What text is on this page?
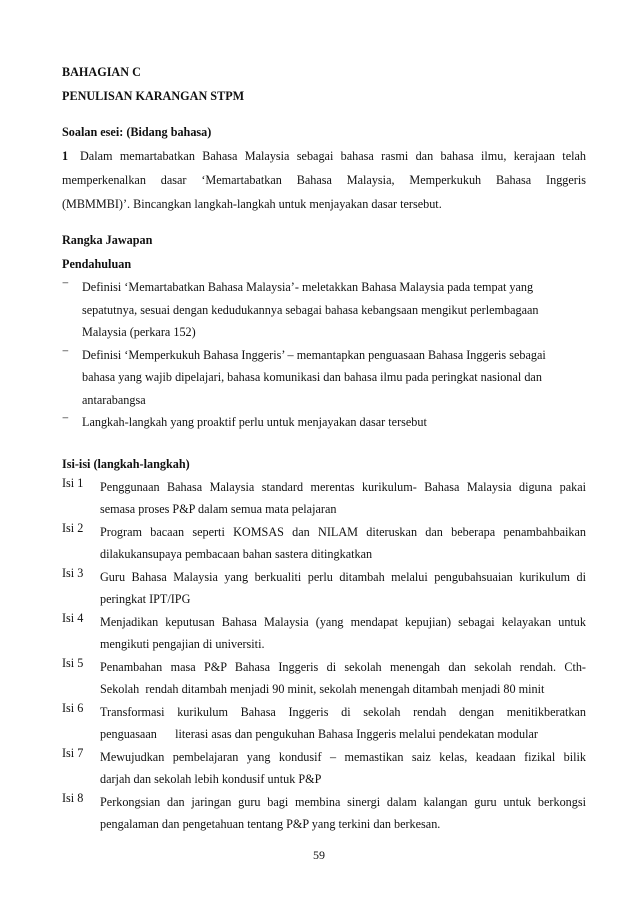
BAHAGIAN C
PENULISAN KARANGAN STPM
Soalan esei: (Bidang bahasa)
1 Dalam memartabatkan Bahasa Malaysia sebagai bahasa rasmi dan bahasa ilmu, kerajaan telah
memperkenalkan dasar ‘Memartabatkan Bahasa Malaysia, Memperkukuh Bahasa Inggeris
(MBMMBI)’. Bincangkan langkah-langkah untuk menjayakan dasar tersebut.
Rangka Jawapan
Pendahuluan
−	Definisi ‘Memartabatkan Bahasa Malaysia’- meletakkan Bahasa Malaysia pada tempat yang
sepatutnya, sesuai dengan kedudukannya sebagai bahasa kebangsaan mengikut perlembagaan
Malaysia (perkara 152)
−	Definisi ‘Memperkukuh Bahasa Inggeris’ – memantapkan penguasaan Bahasa Inggeris sebagai
bahasa yang wajib dipelajari, bahasa komunikasi dan bahasa ilmu pada peringkat nasional dan
antarabangsa
−	Langkah-langkah yang proaktif perlu untuk menjayakan dasar tersebut
Isi-isi (langkah-langkah)
Isi 1	Penggunaan Bahasa Malaysia standard merentas kurikulum- Bahasa Malaysia diguna pakai
semasa proses P&P dalam semua mata pelajaran
Isi 2	Program bacaan seperti KOMSAS dan NILAM diteruskan dan beberapa penambahbaikan
dilakukansupaya pembacaan bahan sastera ditingkatkan
Isi 3	Guru Bahasa Malaysia yang berkualiti perlu ditambah melalui pengubahsuaian kurikulum di
peringkat IPT/IPG
Isi 4	Menjadikan keputusan Bahasa Malaysia (yang mendapat kepujian) sebagai kelayakan untuk
mengikuti pengajian di universiti.
Isi 5	Penambahan masa P&P Bahasa Inggeris di sekolah menengah dan sekolah rendah. Cth-
Sekolah  rendah ditambah menjadi 90 minit, sekolah menengah ditambah menjadi 80 minit
Isi 6	Transformasi kurikulum Bahasa Inggeris di sekolah rendah dengan menitikberatkan
penguasaan      literasi asas dan pengukuhan Bahasa Inggeris melalui pendekatan modular
Isi 7	Mewujudkan pembelajaran yang kondusif – memastikan saiz kelas, keadaan fizikal bilik
darjah dan sekolah lebih kondusif untuk P&P
Isi 8	Perkongsian dan jaringan guru bagi membina sinergi dalam kalangan guru untuk berkongsi
pengalaman dan pengetahuan tentang P&P yang terkini dan berkesan.
59
